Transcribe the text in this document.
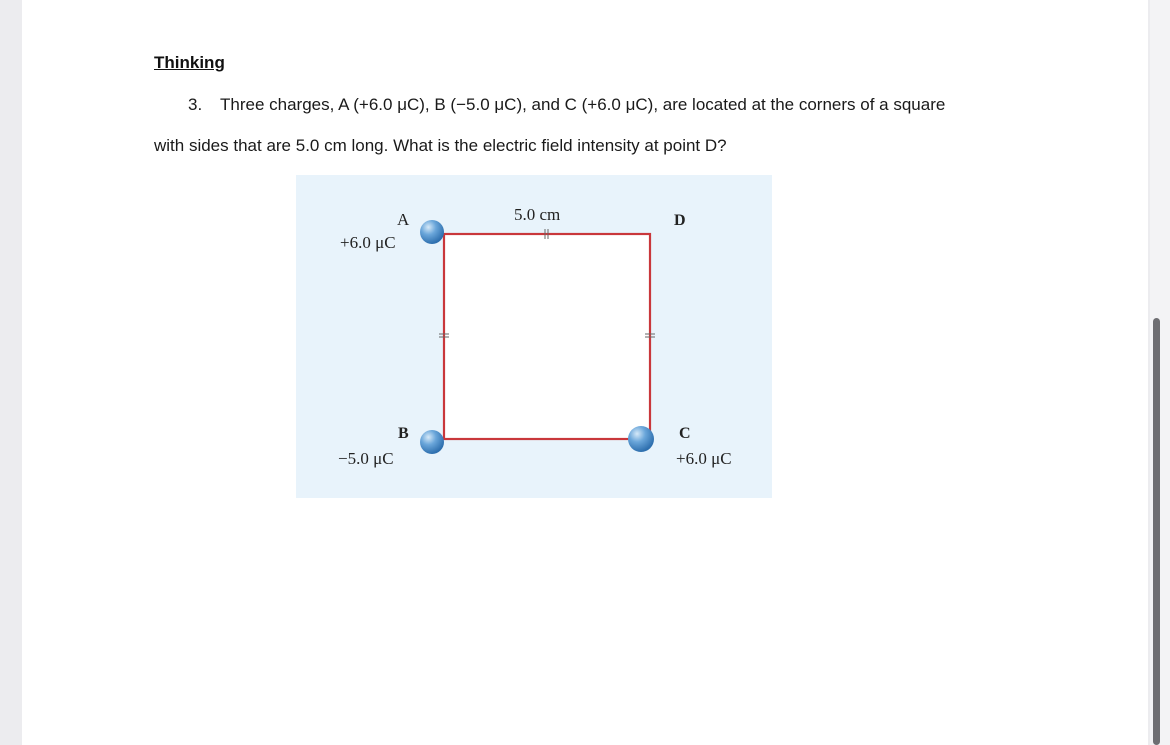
Thinking
3. Three charges, A (+6.0 μC), B (−5.0 μC), and C (+6.0 μC), are located at the corners of a square
with sides that are 5.0 cm long. What is the electric field intensity at point D?
A
+6.0 μC
5.0 cm	D
B
−5.0 μC
C
+6.0 μC
